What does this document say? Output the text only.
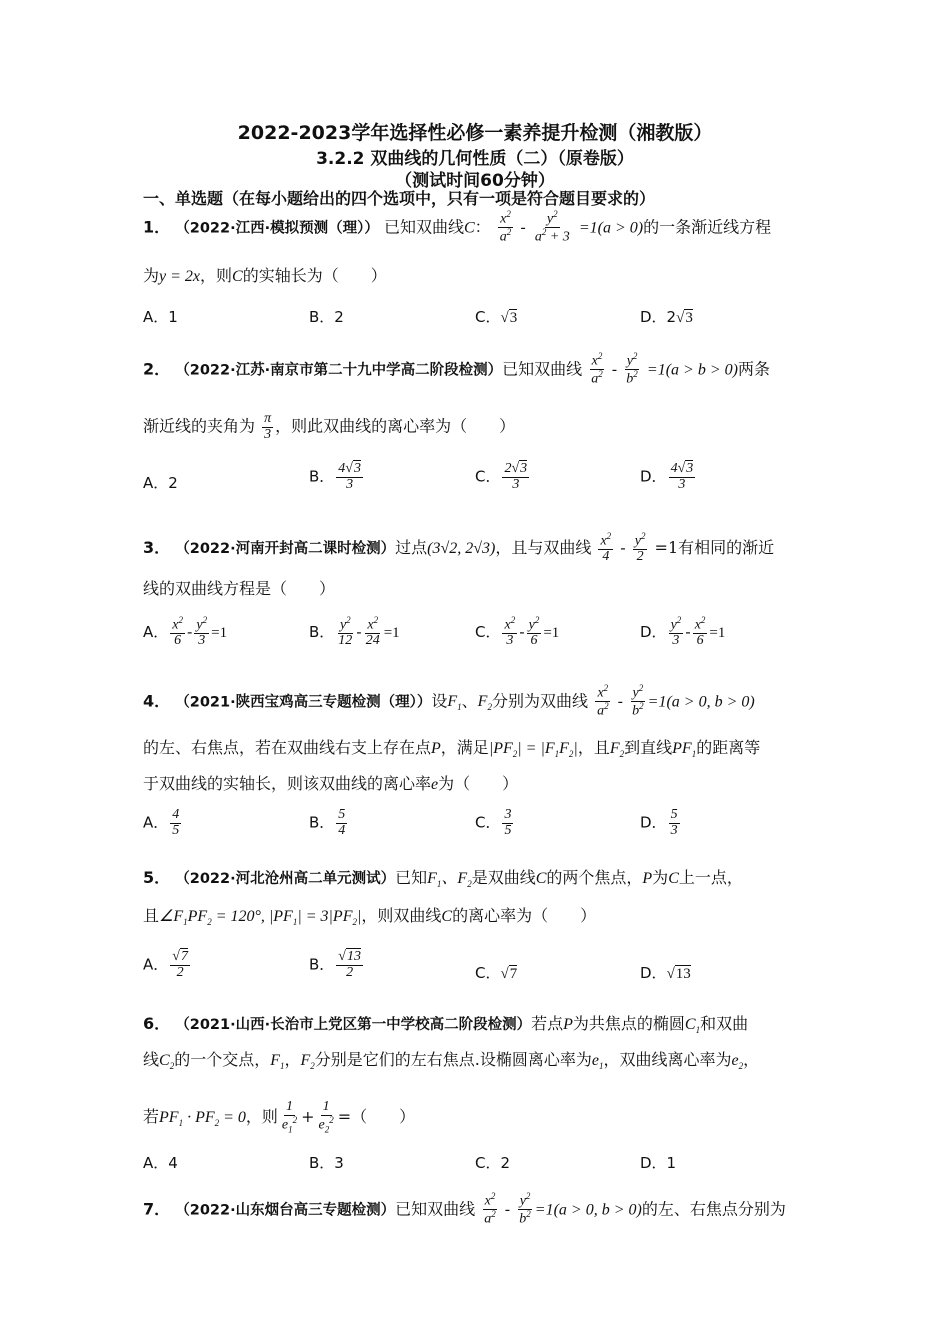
2022-2023学年选择性必修一素养提升检测（湘教版）
3.2.2 双曲线的几何性质（二）（原卷版）
（测试时间60分钟）
一、单选题（在每小题给出的四个选项中，只有一项是符合题目要求的）
1． （2022·江西·模拟预测（理）） 已知双曲线C： $\frac{x^2}{a^2} - \frac{y^2}{a^2 + 3} =1(a > 0)$的一条渐近线方程
为y = 2x，则C的实轴长为（　　）
A．1	B．2	C．√3	D．2√3
2． （2022·江苏·南京市第二十九中学高二阶段检测）已知双曲线 $\frac{x^2}{a^2} - \frac{y^2}{b^2} =1(a > b > 0)$两条
渐近线的夹角为 $\frac{\pi}{3}$ ，则此双曲线的离心率为（　　）
A．2	B． $\frac{4√3}{3}$	C． $\frac{2√3}{3}$	D． $\frac{4√3}{3}$
3． （2022·河南开封高二课时检测）过点(3√2, 2√3)，且与双曲线 $\frac{x^2}{4} - \frac{y^2}{2} =1$有相同的渐近
线的双曲线方程是（　　）
A． $\frac{x^2}{6} - \frac{y^2}{3} =1$	B． $\frac{y^2}{12} - \frac{x^2}{24} =1$	C． $\frac{x^2}{3} - \frac{y^2}{6} =1$	D． $\frac{y^2}{3} - \frac{x^2}{6} =1$
4． （2021·陕西宝鸡高三专题检测（理））设$F_1$、$F_2$分别为双曲线 $\frac{x^2}{a^2} - \frac{y^2}{b^2} =1(a > 0$, b > 0)
的左、右焦点，若在双曲线右支上存在点P，满足$|PF_2| = |F_1F_2|$，且$F_2$到直线$PF_1$的距离等
于双曲线的实轴长，则该双曲线的离心率e为（　　）
A． $\frac{4}{5}$	B． $\frac{5}{4}$	C． $\frac{3}{5}$	D． $\frac{5}{3}$
5． （2022·河北沧州高二单元测试）已知$F_1$、$F_2$是双曲线C的两个焦点，P为C上一点，
且$\angle F_1PF_2 = 120^\circ$, $|PF_1| = 3|PF_2|$，则双曲线C的离心率为（　　）
A． $\frac{√7}{2}$	B． $\frac{√13}{2}$	C．√7	D．√13
6． （2021·山西·长治市上党区第一中学校高二阶段检测）若点P为共焦点的椭圆$C_1$和双曲
线$C_2$的一个交点，$F_1$，$F_2$分别是它们的左右焦点.设椭圆离心率为$e_1$，双曲线离心率为$e_2$，
若$PF_1 \cdot PF_2 = 0$，则 $\frac{1}{e_1^2} + \frac{1}{e_2^2}$ =（　　）
A．4	B．3	C．2	D．1
7． （2022·山东烟台高三专题检测）已知双曲线 $\frac{x^2}{a^2} - \frac{y^2}{b^2} =1(a > 0$, b > 0)的左、右焦点分别为
